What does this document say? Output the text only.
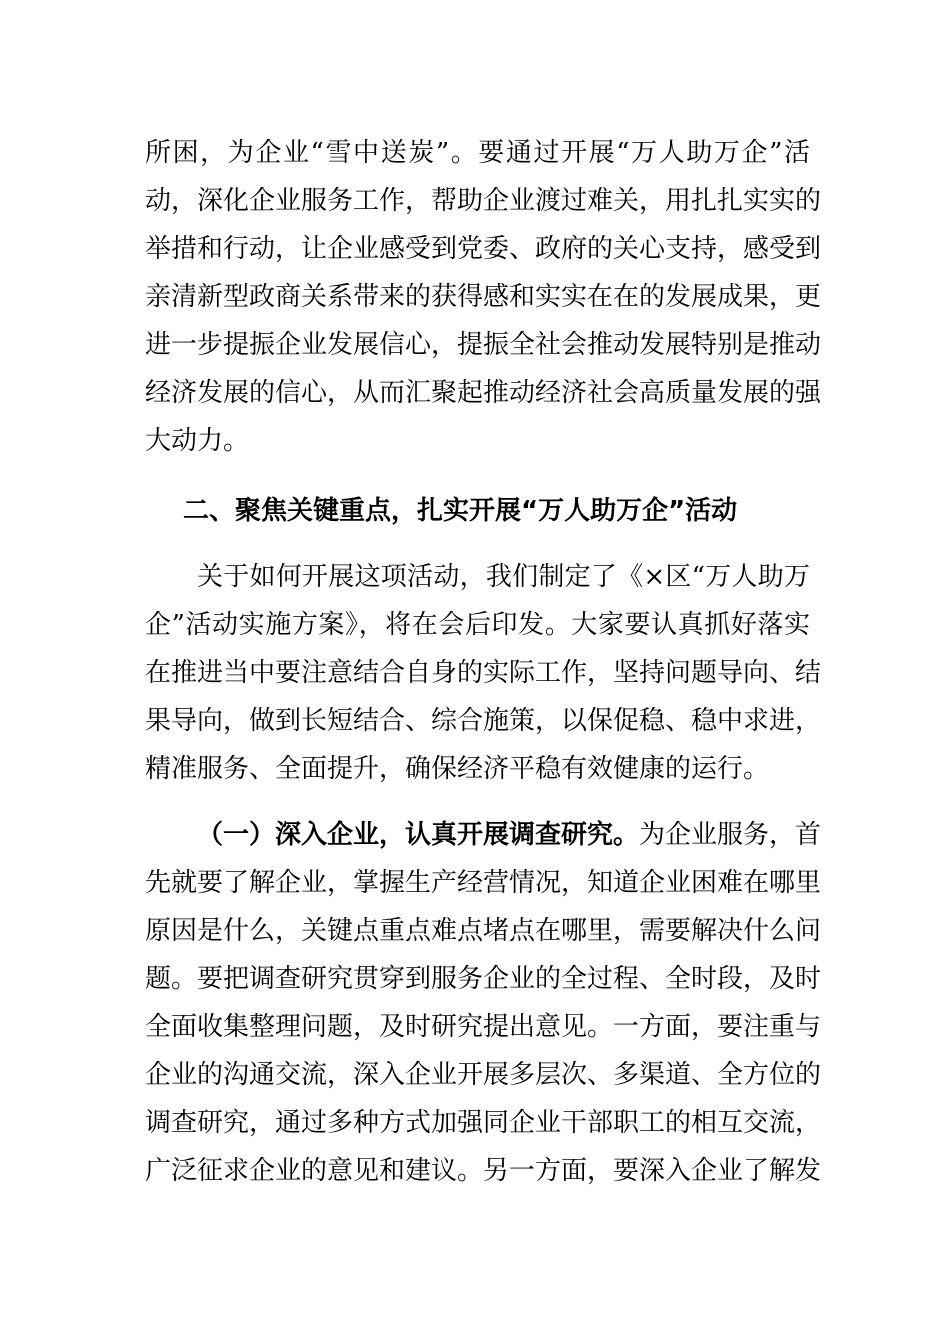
所困，为企业“雪中送炭”。要通过开展“万人助万企”活
动，深化企业服务工作，帮助企业渡过难关，用扎扎实实的
举措和行动，让企业感受到党委、政府的关心支持，感受到
亲清新型政商关系带来的获得感和实实在在的发展成果，更
进一步提振企业发展信心，提振全社会推动发展特别是推动
经济发展的信心，从而汇聚起推动经济社会高质量发展的强
大动力。
二、聚焦关键重点，扎实开展“万人助万企”活动
关于如何开展这项活动，我们制定了《×区“万人助万
企”活动实施方案》，将在会后印发。大家要认真抓好落实
在推进当中要注意结合自身的实际工作，坚持问题导向、结
果导向，做到长短结合、综合施策，以保促稳、稳中求进，
精准服务、全面提升，确保经济平稳有效健康的运行。
（一）深入企业，认真开展调查研究。为企业服务，首
先就要了解企业，掌握生产经营情况，知道企业困难在哪里
原因是什么，关键点重点难点堵点在哪里，需要解决什么问
题。要把调查研究贯穿到服务企业的全过程、全时段，及时
全面收集整理问题，及时研究提出意见。一方面，要注重与
企业的沟通交流，深入企业开展多层次、多渠道、全方位的
调查研究，通过多种方式加强同企业干部职工的相互交流，
广泛征求企业的意见和建议。另一方面，要深入企业了解发
